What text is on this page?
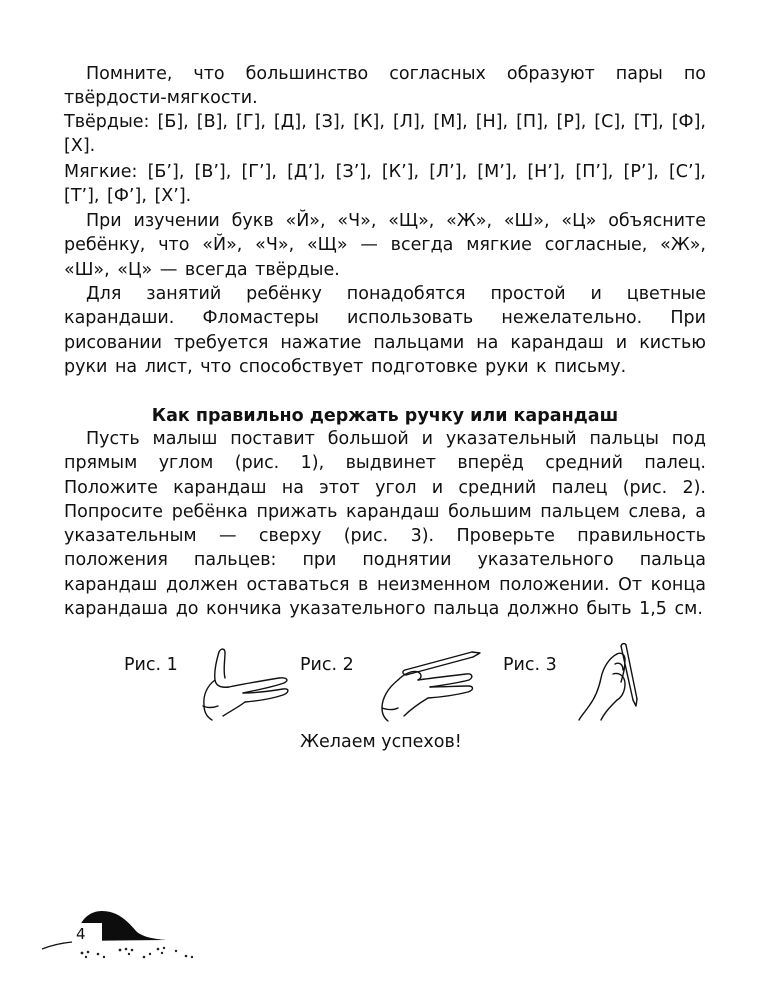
Помните, что большинство согласных образуют пары по твёрдости-мягкости.

Твёрдые: [Б], [В], [Г], [Д], [З], [К], [Л], [М], [Н], [П], [Р], [С], [Т], [Ф], [Х].

Мягкие: [Б’], [В’], [Г’], [Д’], [З’], [К’], [Л’], [М’], [Н’], [П’], [Р’], [С’], [Т’], [Ф’], [Х’].

При изучении букв «Й», «Ч», «Щ», «Ж», «Ш», «Ц» объясните ребёнку, что «Й», «Ч», «Щ» — всегда мягкие согласные, «Ж», «Ш», «Ц» — всегда твёрдые.

Для занятий ребёнку понадобятся простой и цветные карандаши. Фломастеры использовать нежелательно. При рисовании требуется нажатие пальцами на карандаш и кистью руки на лист, что способствует подготовке руки к письму.

Как правильно держать ручку или карандаш

Пусть малыш поставит большой и указательный пальцы под прямым углом (рис. 1), выдвинет вперёд средний палец. Положите карандаш на этот угол и средний палец (рис. 2). Попросите ребёнка прижать карандаш большим пальцем слева, а указательным — сверху (рис. 3). Проверьте правильность положения пальцев: при поднятии указательного пальца карандаш должен оставаться в неизменном положении. От конца карандаша до кончика указательного пальца должно быть 1,5 см.

Рис. 1	Рис. 2	Рис. 3
Желаем успехов!
4
